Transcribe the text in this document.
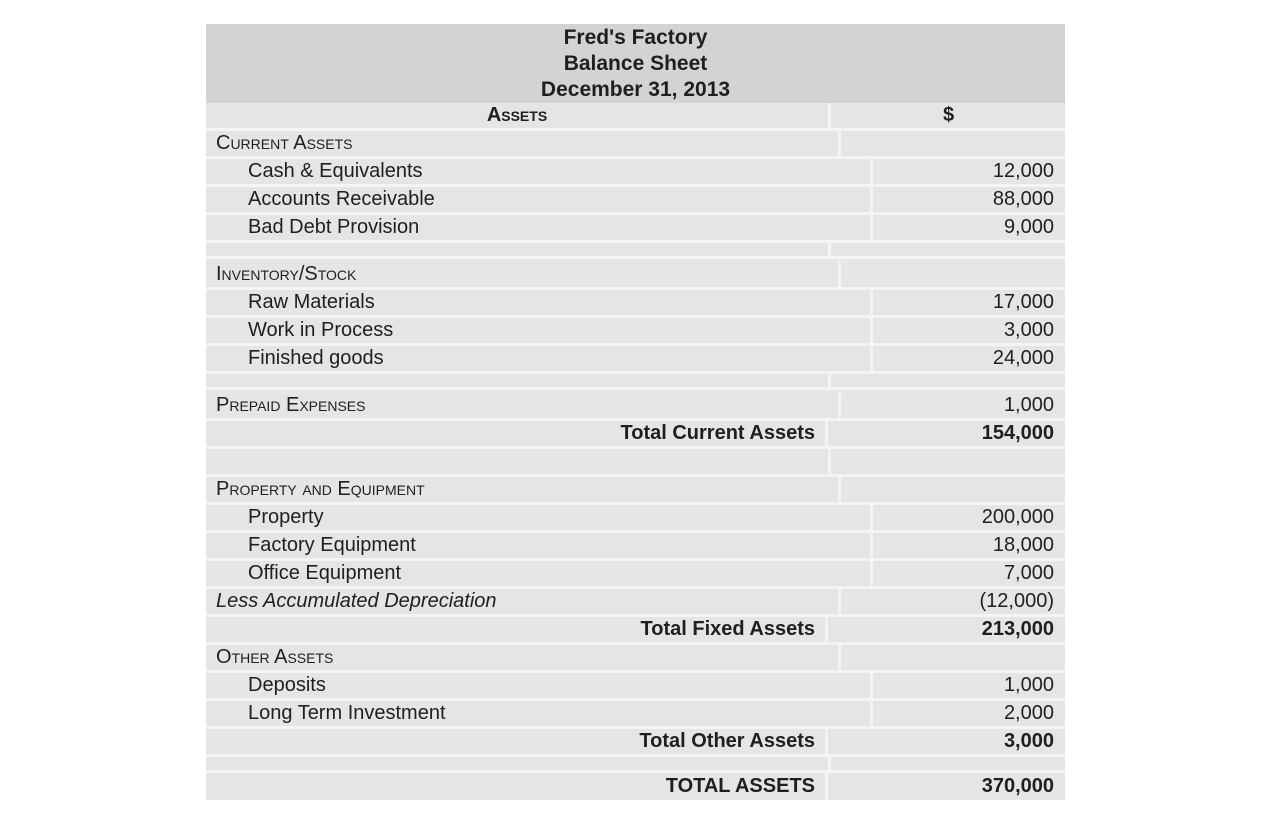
Fred's Factory
Balance Sheet
December 31, 2013
Assets	$
Current Assets
Cash & Equivalents	12,000
Accounts Receivable	88,000
Bad Debt Provision	9,000
Inventory/Stock
Raw Materials	17,000
Work in Process	3,000
Finished goods	24,000
Prepaid Expenses	1,000
Total Current Assets	154,000
Property and Equipment
Property	200,000
Factory Equipment	18,000
Office Equipment	7,000
Less Accumulated Depreciation	(12,000)
Total Fixed Assets	213,000
Other Assets
Deposits	1,000
Long Term Investment	2,000
Total Other Assets	3,000
TOTAL ASSETS	370,000
